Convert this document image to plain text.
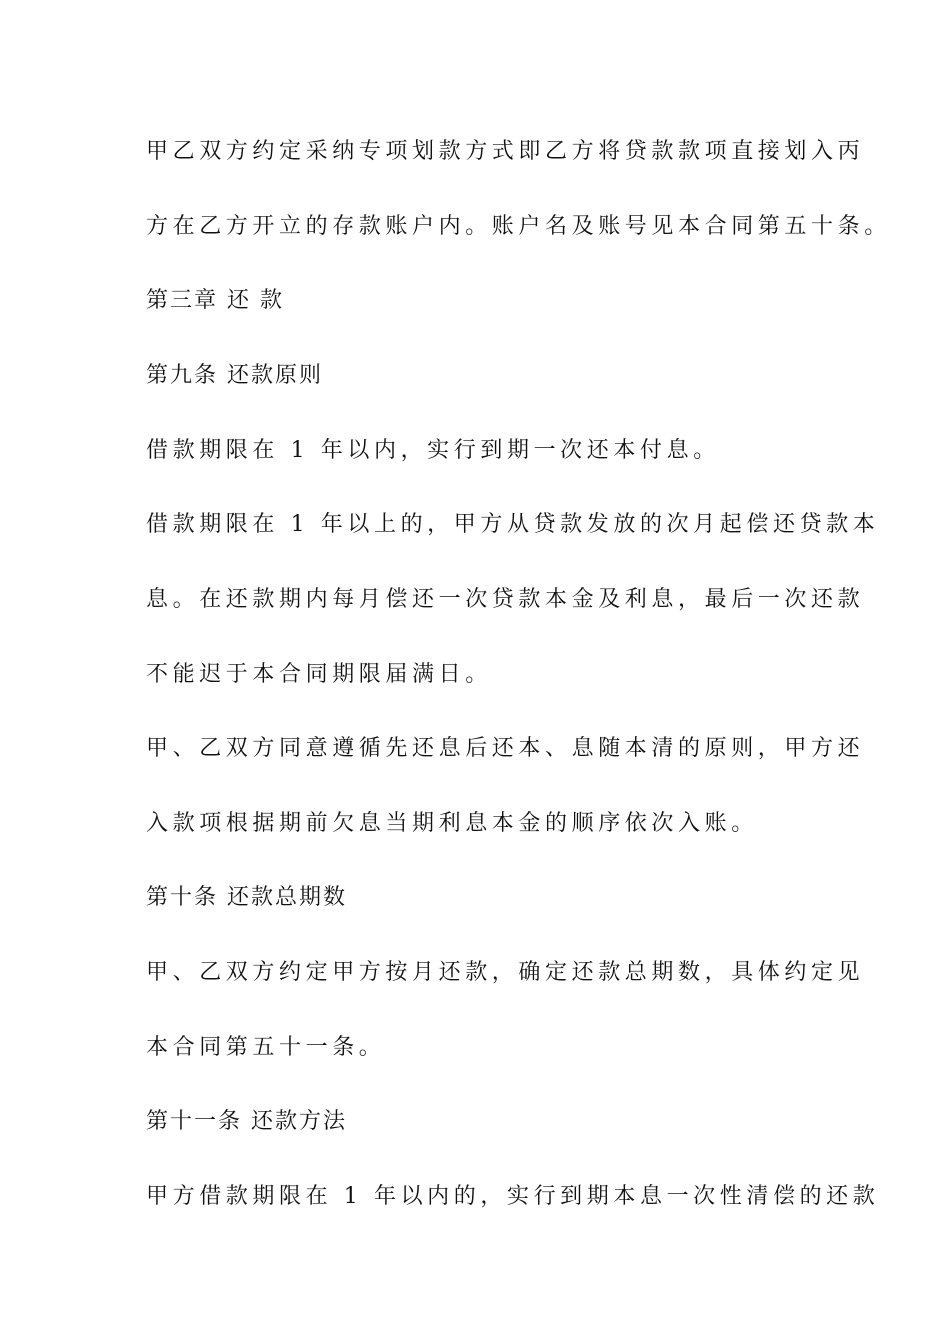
甲乙双方约定采纳专项划款方式即乙方将贷款款项直接划入丙
方在乙方开立的存款账户内。账户名及账号见本合同第五十条。
第三章 还 款
第九条 还款原则
借款期限在 1 年以内，实行到期一次还本付息。
借款期限在 1 年以上的，甲方从贷款发放的次月起偿还贷款本
息。在还款期内每月偿还一次贷款本金及利息，最后一次还款
不能迟于本合同期限届满日。
甲、乙双方同意遵循先还息后还本、息随本清的原则，甲方还
入款项根据期前欠息当期利息本金的顺序依次入账。
第十条 还款总期数
甲、乙双方约定甲方按月还款，确定还款总期数，具体约定见
本合同第五十一条。
第十一条 还款方法
甲方借款期限在 1 年以内的，实行到期本息一次性清偿的还款
